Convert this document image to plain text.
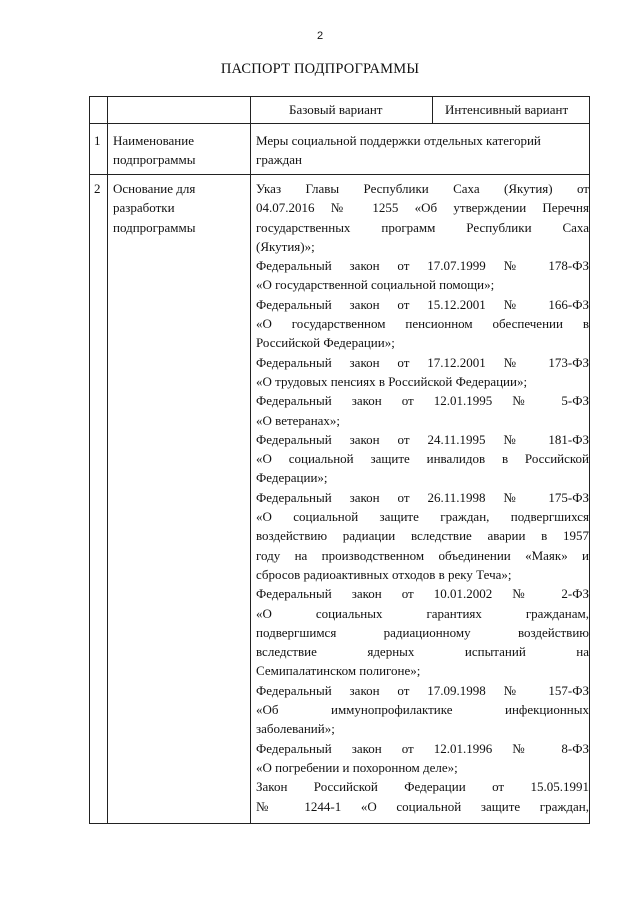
2
ПАСПОРТ ПОДПРОГРАММЫ
Базовый вариант	Интенсивный вариант
1 Наименование
подпрограммы
Меры социальной поддержки отдельных категорий
граждан
2 Основание для
разработки
подпрограммы

Указ Главы Республики Саха (Якутия) от

04.07.2016 № 1255 «Об утверждении Перечня

государственных программ Республики Саха

(Якутия)»;

Федеральный закон от 17.07.1999 № 178-ФЗ

«О государственной социальной помощи»;

Федеральный закон от 15.12.2001 № 166-ФЗ

«О государственном пенсионном обеспечении в

Российской Федерации»;

Федеральный закон от 17.12.2001 № 173-ФЗ

«О трудовых пенсиях в Российской Федерации»;

Федеральный закон от 12.01.1995 № 5-ФЗ

«О ветеранах»;

Федеральный закон от 24.11.1995 № 181-ФЗ

«О социальной защите инвалидов в Российской

Федерации»;

Федеральный закон от 26.11.1998 № 175-ФЗ

«О социальной защите граждан, подвергшихся

воздействию радиации вследствие аварии в 1957

году на производственном объединении «Маяк» и

сбросов радиоактивных отходов в реку Теча»;

Федеральный закон от 10.01.2002 № 2-ФЗ

«О социальных гарантиях гражданам,

подвергшимся радиационному воздействию

вследствие ядерных испытаний на

Семипалатинском полигоне»;

Федеральный закон от 17.09.1998 № 157-ФЗ

«Об иммунопрофилактике инфекционных

заболеваний»;

Федеральный закон от 12.01.1996 № 8-ФЗ

«О погребении и похоронном деле»;

Закон Российской Федерации от 15.05.1991

№ 1244-1 «О социальной защите граждан,
